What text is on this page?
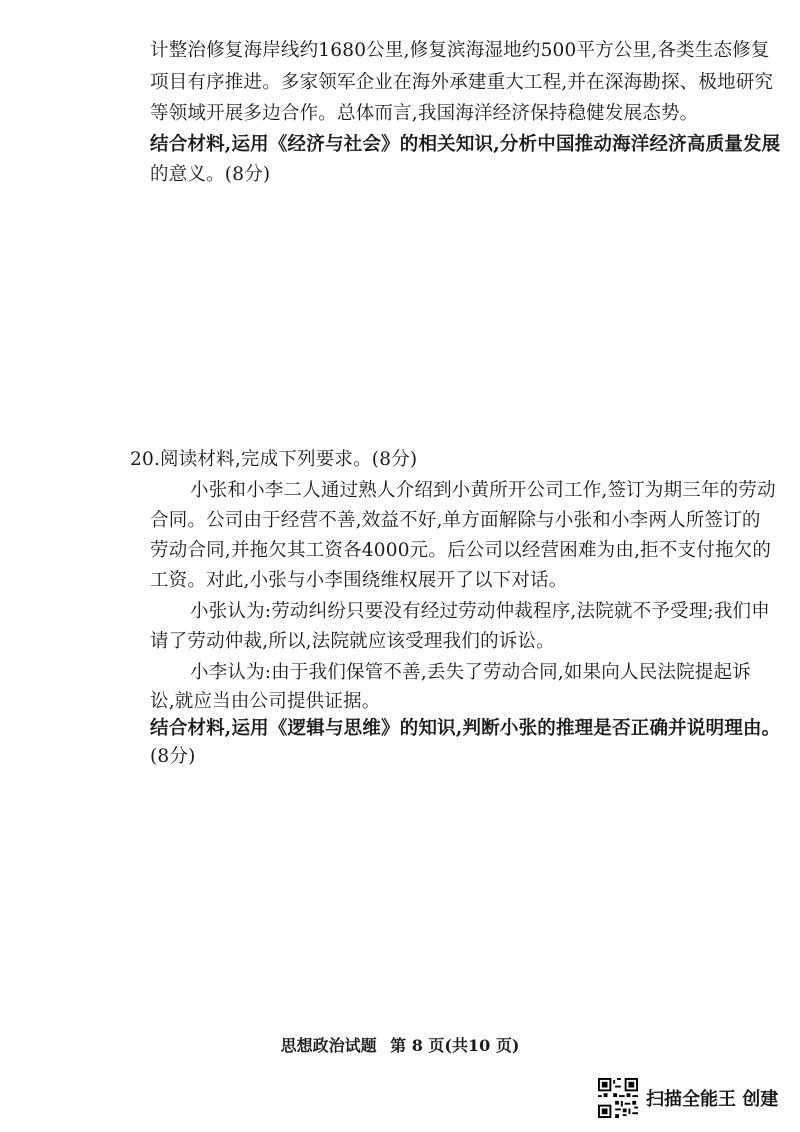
计整治修复海岸线约1680公里,修复滨海湿地约500平方公里,各类生态修复
项目有序推进。多家领军企业在海外承建重大工程,并在深海勘探、极地研究
等领域开展多边合作。总体而言,我国海洋经济保持稳健发展态势。
结合材料,运用《经济与社会》的相关知识,分析中国推动海洋经济高质量发展
的意义。(8分)
20.阅读材料,完成下列要求。(8分)
小张和小李二人通过熟人介绍到小黄所开公司工作,签订为期三年的劳动
合同。公司由于经营不善,效益不好,单方面解除与小张和小李两人所签订的
劳动合同,并拖欠其工资各4000元。后公司以经营困难为由,拒不支付拖欠的
工资。对此,小张与小李围绕维权展开了以下对话。
小张认为:劳动纠纷只要没有经过劳动仲裁程序,法院就不予受理;我们申
请了劳动仲裁,所以,法院就应该受理我们的诉讼。
小李认为:由于我们保管不善,丢失了劳动合同,如果向人民法院提起诉
讼,就应当由公司提供证据。
结合材料,运用《逻辑与思维》的知识,判断小张的推理是否正确并说明理由。
(8分)
思想政治试题 第 8 页(共10 页)
扫描全能王 创建
